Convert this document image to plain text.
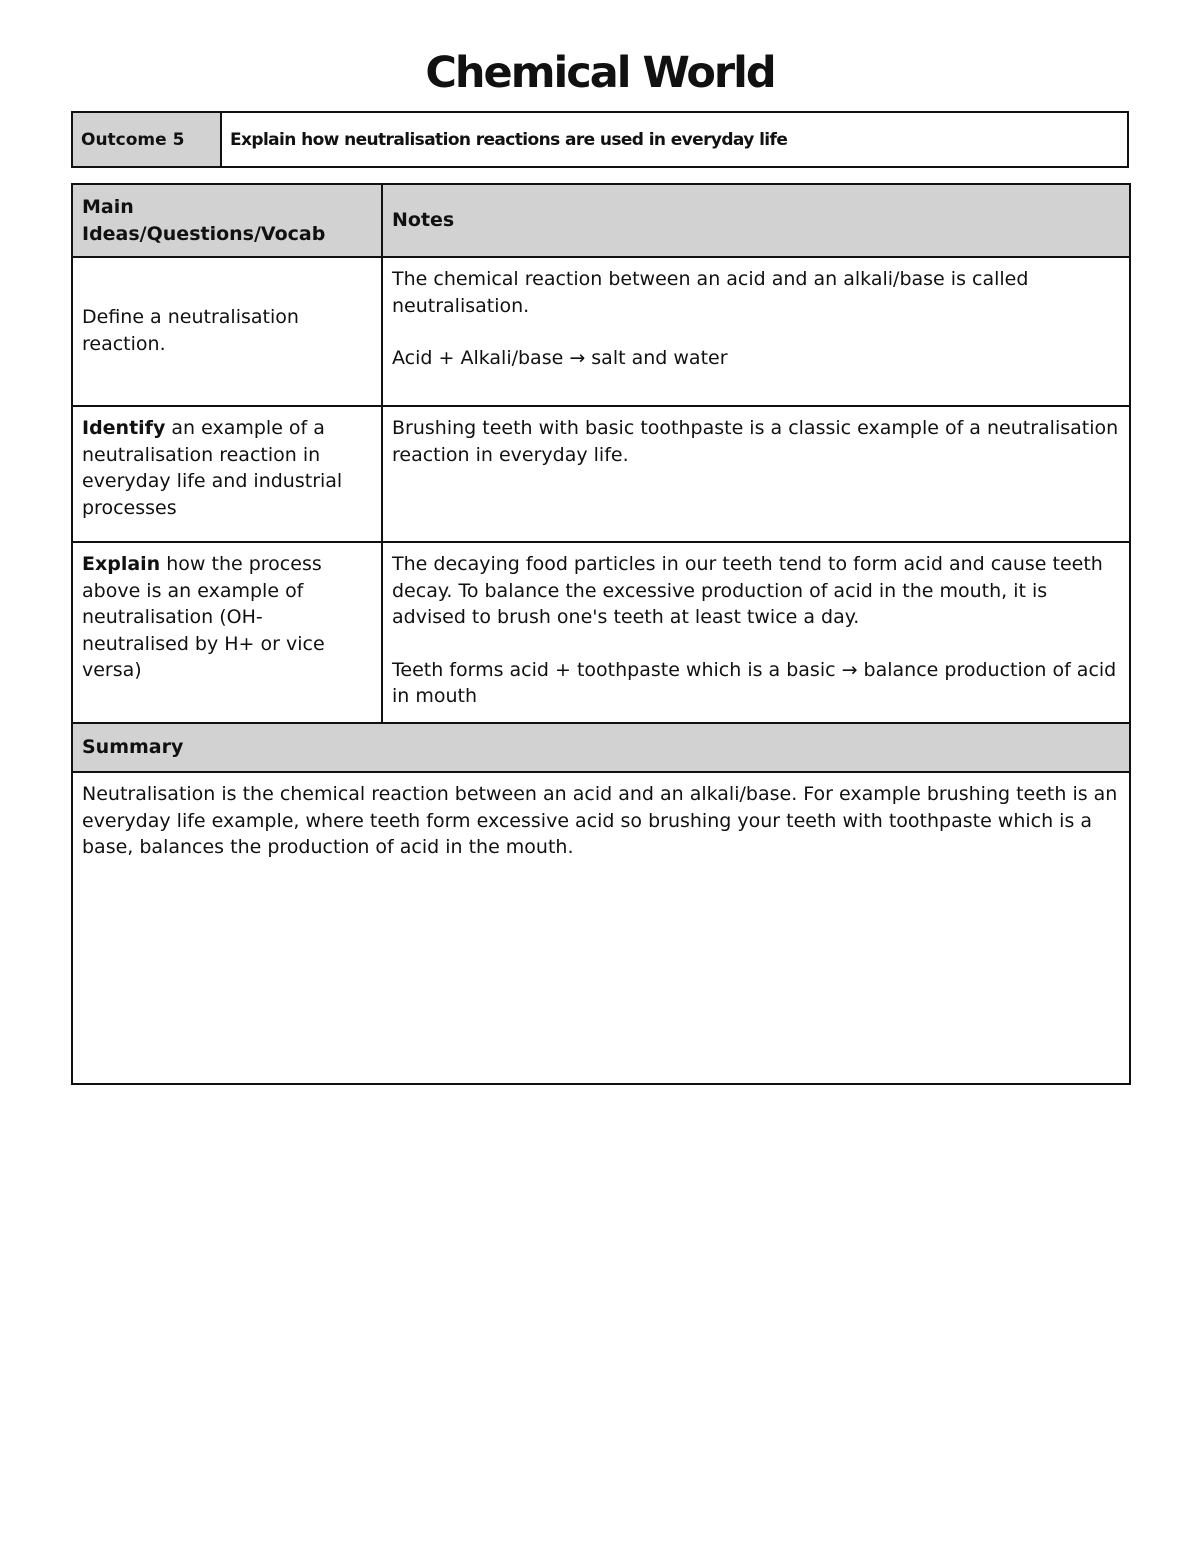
Chemical World
Outcome 5	Explain how neutralisation reactions are used in everyday life
Main Ideas/Questions/Vocab	Notes
Define a neutralisation reaction.	The chemical reaction between an acid and an alkali/base is called neutralisation.
Acid + Alkali/base → salt and water
Identify an example of a neutralisation reaction in everyday life and industrial processes	Brushing teeth with basic toothpaste is a classic example of a neutralisation reaction in everyday life.
Explain how the process above is an example of neutralisation (OH- neutralised by H+ or vice versa)	The decaying food particles in our teeth tend to form acid and cause teeth decay. To balance the excessive production of acid in the mouth, it is advised to brush one's teeth at least twice a day.
Teeth forms acid + toothpaste which is a basic → balance production of acid in mouth
Summary	
Neutralisation is the chemical reaction between an acid and an alkali/base. For example brushing teeth is an everyday life example, where teeth form excessive acid so brushing your teeth with toothpaste which is a base, balances the production of acid in the mouth.	
